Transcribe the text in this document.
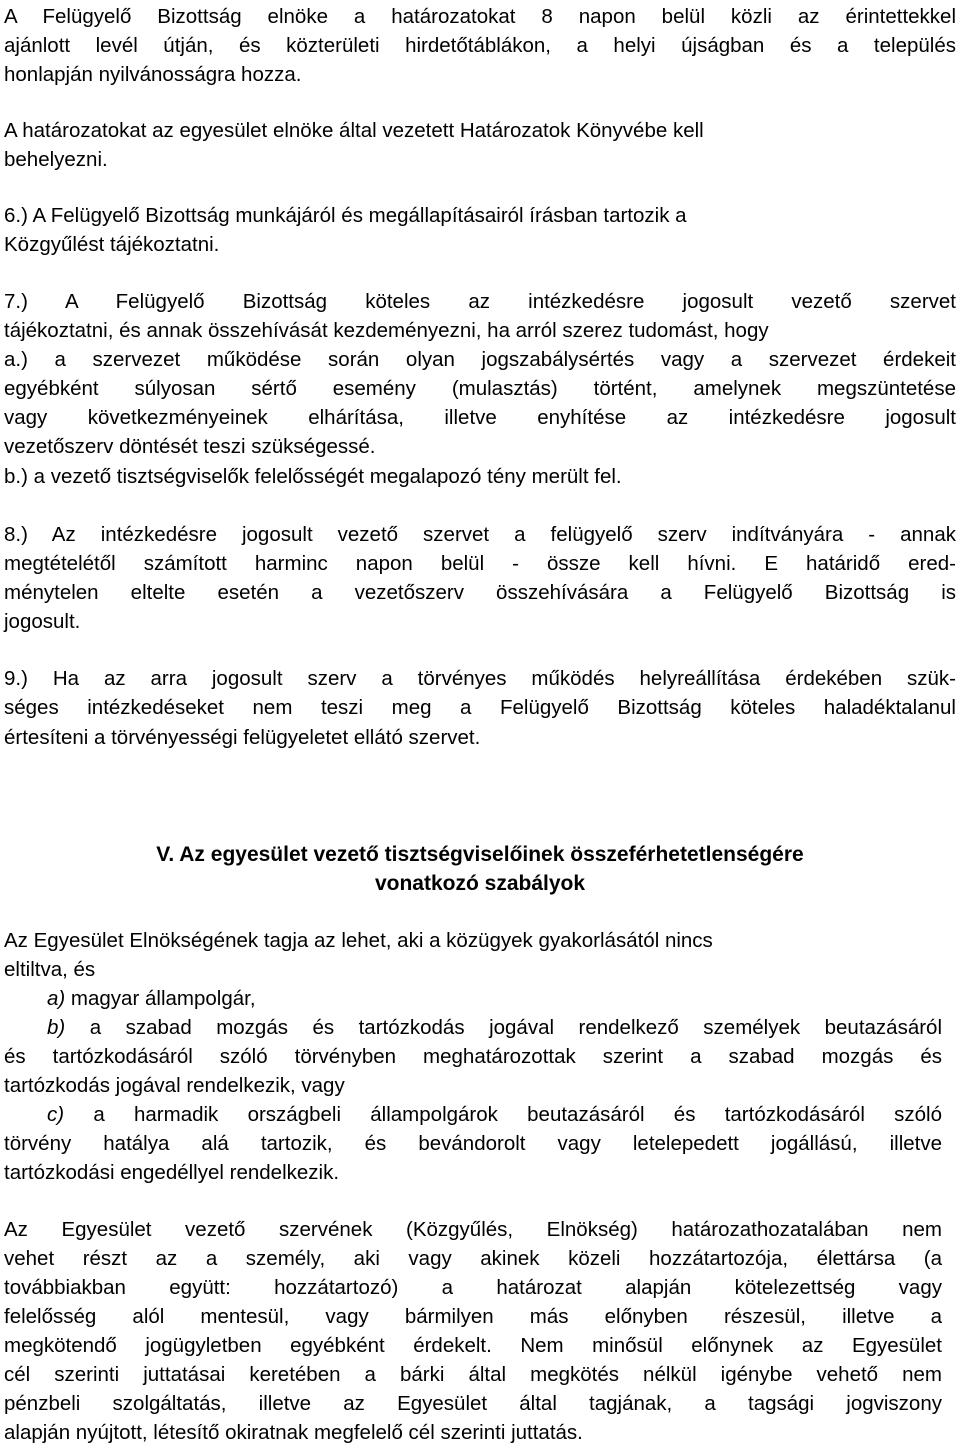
A Felügyelő Bizottság elnöke a határozatokat 8 napon belül közli az érintettekkel
ajánlott levél útján, és közterületi hirdetőtáblákon, a helyi újságban és a település
honlapján nyilvánosságra hozza.
A határozatokat az egyesület elnöke által vezetett Határozatok Könyvébe kell
behelyezni.
6.) A Felügyelő Bizottság munkájáról és megállapításairól írásban tartozik a
Közgyűlést tájékoztatni.
7.) A Felügyelő Bizottság köteles az intézkedésre jogosult vezető szervet
tájékoztatni, és annak összehívását kezdeményezni, ha arról szerez tudomást, hogy
a.) a szervezet működése során olyan jogszabálysértés vagy a szervezet érdekeit
egyébként súlyosan sértő esemény (mulasztás) történt, amelynek megszüntetése
vagy következményeinek elhárítása, illetve enyhítése az intézkedésre jogosult
vezetőszerv döntését teszi szükségessé.
b.) a vezető tisztségviselők felelősségét megalapozó tény merült fel.
8.) Az intézkedésre jogosult vezető szervet a felügyelő szerv indítványára - annak
megtételétől számított harminc napon belül - össze kell hívni. E határidő ered-
ménytelen eltelte esetén a vezetőszerv összehívására a Felügyelő Bizottság is
jogosult.
9.) Ha az arra jogosult szerv a törvényes működés helyreállítása érdekében szük-
séges intézkedéseket nem teszi meg a Felügyelő Bizottság köteles haladéktalanul
értesíteni a törvényességi felügyeletet ellátó szervet.
V. Az egyesület vezető tisztségviselőinek összeférhetetlenségére
vonatkozó szabályok
Az Egyesület Elnökségének tagja az lehet, aki a közügyek gyakorlásától nincs
eltiltva, és
a) magyar állampolgár,
b) a szabad mozgás és tartózkodás jogával rendelkező személyek beutazásáról
és tartózkodásáról szóló törvényben meghatározottak szerint a szabad mozgás és
tartózkodás jogával rendelkezik, vagy
c) a harmadik országbeli állampolgárok beutazásáról és tartózkodásáról szóló
törvény hatálya alá tartozik, és bevándorolt vagy letelepedett jogállású, illetve
tartózkodási engedéllyel rendelkezik.
Az Egyesület vezető szervének (Közgyűlés, Elnökség) határozathozatalában nem
vehet részt az a személy, aki vagy akinek közeli hozzátartozója, élettársa (a
továbbiakban együtt: hozzátartozó) a határozat alapján kötelezettség vagy
felelősség alól mentesül, vagy bármilyen más előnyben részesül, illetve a
megkötendő jogügyletben egyébként érdekelt. Nem minősül előnynek az Egyesület
cél szerinti juttatásai keretében a bárki által megkötés nélkül igénybe vehető nem
pénzbeli szolgáltatás, illetve az Egyesület által tagjának, a tagsági jogviszony
alapján nyújtott, létesítő okiratnak megfelelő cél szerinti juttatás.
